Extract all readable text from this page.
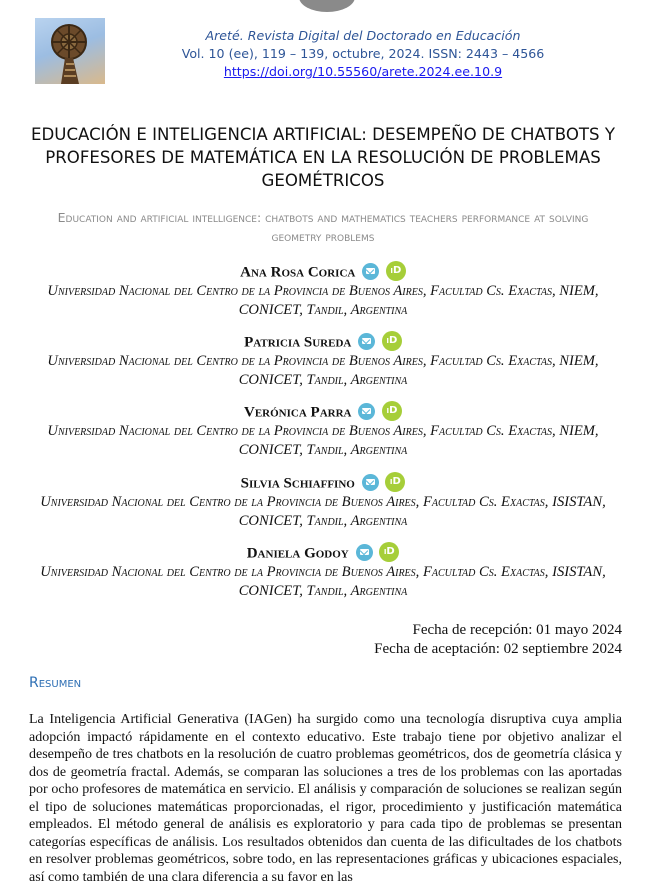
Areté. Revista Digital del Doctorado en Educación
Vol. 10 (ee), 119 – 139, octubre, 2024. ISSN: 2443 – 4566
https://doi.org/10.55560/arete.2024.ee.10.9
EDUCACIÓN E INTELIGENCIA ARTIFICIAL: DESEMPEÑO DE CHATBOTS Y PROFESORES DE MATEMÁTICA EN LA RESOLUCIÓN DE PROBLEMAS GEOMÉTRICOS
Education and artificial intelligence: chatbots and mathematics teachers performance at solving geometry problems
Ana Rosa Corica	iD
Universidad Nacional del Centro de la Provincia de Buenos Aires, Facultad Cs. Exactas, NIEM, CONICET, Tandil, Argentina
Patricia Sureda	iD
Universidad Nacional del Centro de la Provincia de Buenos Aires, Facultad Cs. Exactas, NIEM, CONICET, Tandil, Argentina
Verónica Parra	iD
Universidad Nacional del Centro de la Provincia de Buenos Aires, Facultad Cs. Exactas, NIEM, CONICET, Tandil, Argentina
Silvia Schiaffino	iD
Universidad Nacional del Centro de la Provincia de Buenos Aires, Facultad Cs. Exactas, ISISTAN, CONICET, Tandil, Argentina
Daniela Godoy	iD
Universidad Nacional del Centro de la Provincia de Buenos Aires, Facultad Cs. Exactas, ISISTAN, CONICET, Tandil, Argentina
Fecha de recepción: 01 mayo 2024
Fecha de aceptación: 02 septiembre 2024
Resumen

La Inteligencia Artificial Generativa (IAGen) ha surgido como una tecnología disruptiva cuya amplia adopción impactó rápidamente en el contexto educativo. Este trabajo tiene por objetivo analizar el desempeño de tres chatbots en la resolución de cuatro problemas geométricos, dos de geometría clásica y dos de geometría fractal. Además, se comparan las soluciones a tres de los problemas con las aportadas por ocho profesores de matemática en servicio. El análisis y comparación de soluciones se realizan según el tipo de soluciones matemáticas proporcionadas, el rigor, procedimiento y justificación matemática empleados. El método general de análisis es exploratorio y para cada tipo de problemas se presentan categorías específicas de análisis. Los resultados obtenidos dan cuenta de las dificultades de los chatbots en resolver problemas geométricos, sobre todo, en las representaciones gráficas y ubicaciones espaciales, así como también de una clara diferencia a su favor en las
